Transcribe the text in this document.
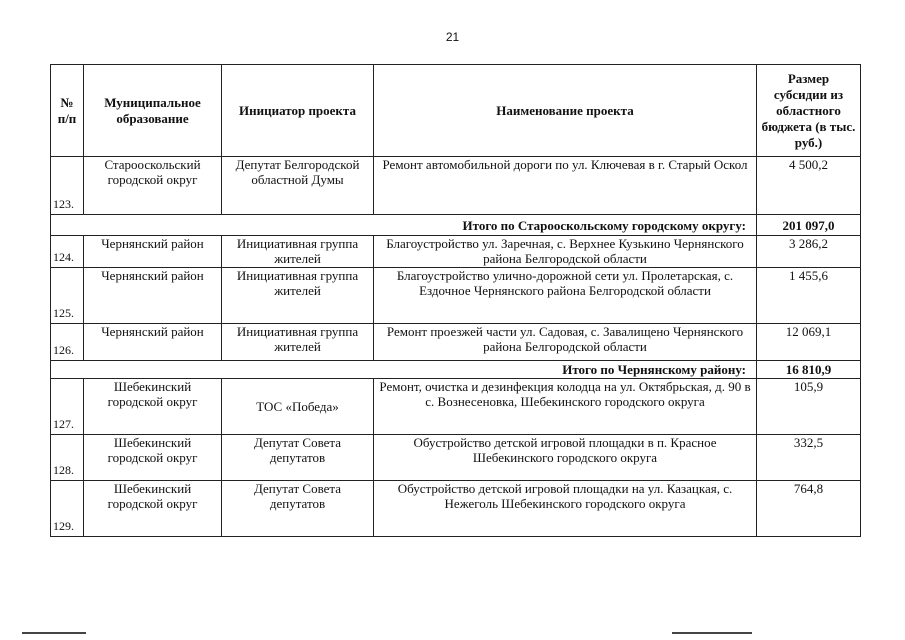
21
№ п/п	Муниципальное образование	Инициатор проекта	Наименование проекта	Размер субсидии из областного бюджета (в тыс. руб.)
123.	Старооскольский городской округ	Депутат Белгородской областной Думы	Ремонт автомобильной дороги по ул. Ключевая в г. Старый Оскол	4 500,2
Итого по Старооскольскому городскому округу:				201 097,0
124.	Чернянский район	Инициативная группа жителей	Благоустройство ул. Заречная, с. Верхнее Кузькино Чернянского района Белгородской области	3 286,2
125.	Чернянский район	Инициативная группа жителей	Благоустройство улично-дорожной сети ул. Пролетарская, с. Ездочное Чернянского района Белгородской области	1 455,6
126.	Чернянский район	Инициативная группа жителей	Ремонт проезжей части ул. Садовая, с. Завалищено Чернянского района Белгородской области	12 069,1
Итого по Чернянскому району:				16 810,9
127.	Шебекинский городской округ	ТОС «Победа»	Ремонт, очистка и дезинфекция колодца на ул. Октябрьская, д. 90 в с. Вознесеновка, Шебекинского городского округа	105,9
128.	Шебекинский городской округ	Депутат Совета депутатов	Обустройство детской игровой площадки в п. Красное Шебекинского городского округа	332,5
129.	Шебекинский городской округ	Депутат Совета депутатов	Обустройство детской игровой площадки на ул. Казацкая, с. Нежеголь Шебекинского городского округа	764,8
